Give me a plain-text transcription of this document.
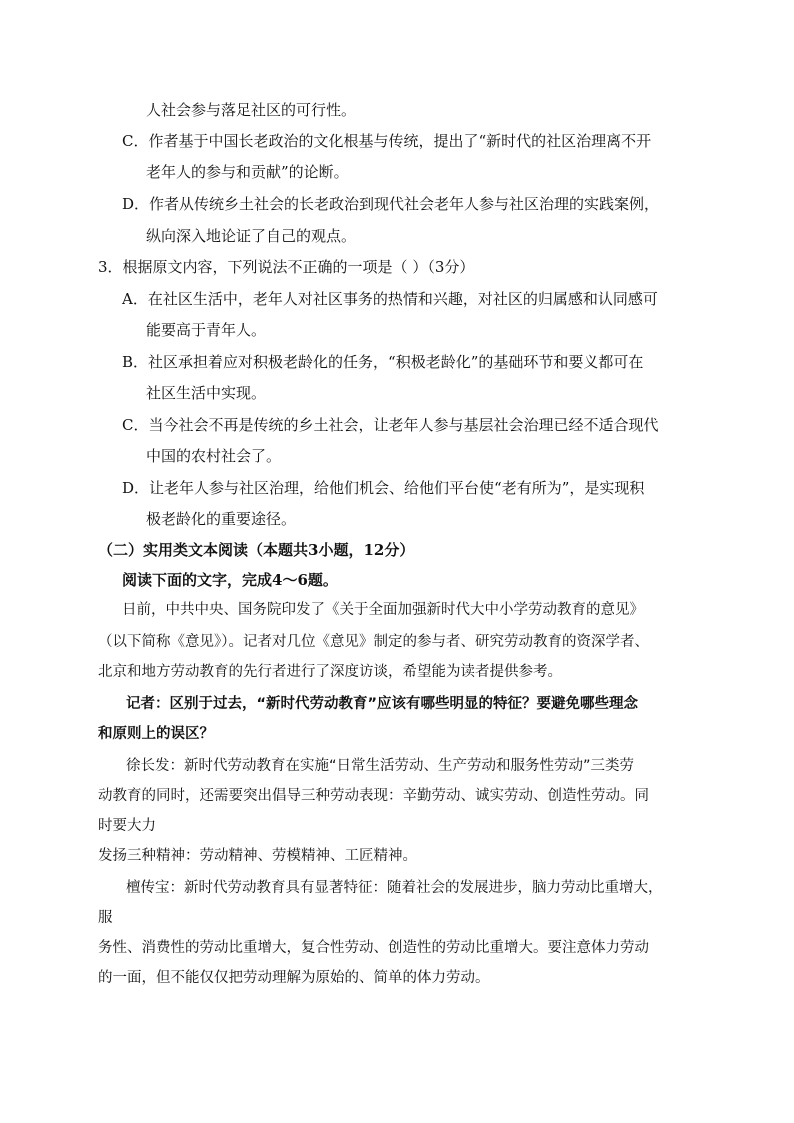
人社会参与落足社区的可行性。
C．作者基于中国长老政治的文化根基与传统，提出了“新时代的社区治理离不开
老年人的参与和贡献”的论断。
D．作者从传统乡土社会的长老政治到现代社会老年人参与社区治理的实践案例，
纵向深入地论证了自己的观点。
3．根据原文内容，下列说法不正确的一项是（ ）（3分）
A．在社区生活中，老年人对社区事务的热情和兴趣，对社区的归属感和认同感可
能要高于青年人。
B．社区承担着应对积极老龄化的任务，“积极老龄化”的基础环节和要义都可在
社区生活中实现。
C．当今社会不再是传统的乡土社会，让老年人参与基层社会治理已经不适合现代
中国的农村社会了。
D．让老年人参与社区治理，给他们机会、给他们平台使“老有所为”，是实现积
极老龄化的重要途径。
（二）实用类文本阅读（本题共3小题，12分）
阅读下面的文字，完成4～6题。
日前，中共中央、国务院印发了《关于全面加强新时代大中小学劳动教育的意见》
（以下简称《意见》）。记者对几位《意见》制定的参与者、研究劳动教育的资深学者、
北京和地方劳动教育的先行者进行了深度访谈，希望能为读者提供参考。
记者：区别于过去，“新时代劳动教育”应该有哪些明显的特征？要避免哪些理念
和原则上的误区？
徐长发：新时代劳动教育在实施“日常生活劳动、生产劳动和服务性劳动”三类劳
动教育的同时，还需要突出倡导三种劳动表现：辛勤劳动、诚实劳动、创造性劳动。同
时要大力
发扬三种精神：劳动精神、劳模精神、工匠精神。
檀传宝：新时代劳动教育具有显著特征：随着社会的发展进步，脑力劳动比重增大，
服
务性、消费性的劳动比重增大，复合性劳动、创造性的劳动比重增大。要注意体力劳动
的一面，但不能仅仅把劳动理解为原始的、简单的体力劳动。
